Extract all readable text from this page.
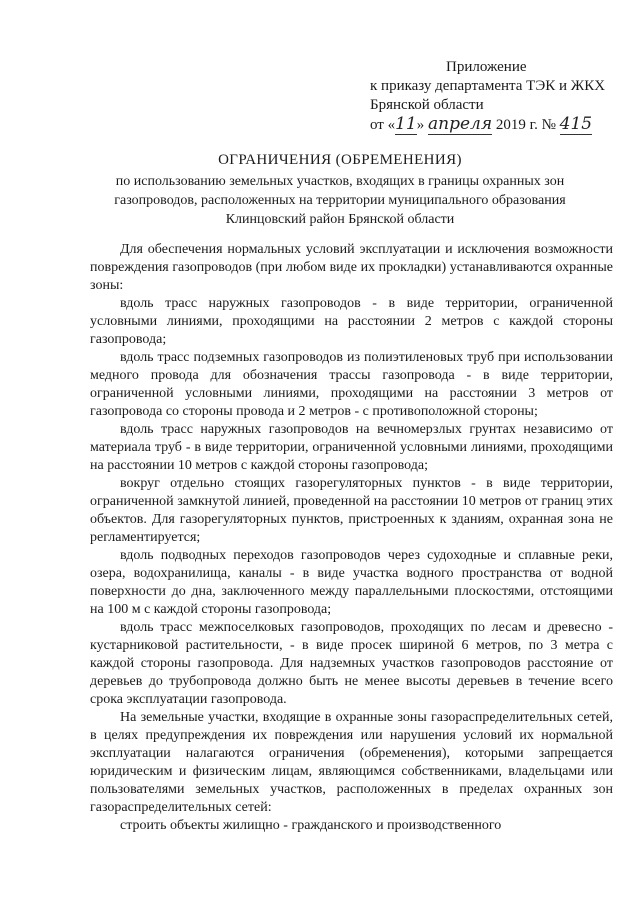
Приложение
к приказу департамента ТЭК и ЖКХ
Брянской области
от «11» апреля 2019 г. № 415
ОГРАНИЧЕНИЯ (ОБРЕМЕНЕНИЯ)
по использованию земельных участков, входящих в границы охранных зон газопроводов, расположенных на территории муниципального образования Клинцовский район Брянской области

Для обеспечения нормальных условий эксплуатации и исключения возможности повреждения газопроводов (при любом виде их прокладки) устанавливаются охранные зоны:

вдоль трасс наружных газопроводов - в виде территории, ограниченной условными линиями, проходящими на расстоянии 2 метров с каждой стороны газопровода;

вдоль трасс подземных газопроводов из полиэтиленовых труб при использовании медного провода для обозначения трассы газопровода - в виде территории, ограниченной условными линиями, проходящими на расстоянии 3 метров от газопровода со стороны провода и 2 метров - с противоположной стороны;

вдоль трасс наружных газопроводов на вечномерзлых грунтах независимо от материала труб - в виде территории, ограниченной условными линиями, проходящими на расстоянии 10 метров с каждой стороны газопровода;

вокруг отдельно стоящих газорегуляторных пунктов - в виде территории, ограниченной замкнутой линией, проведенной на расстоянии 10 метров от границ этих объектов. Для газорегуляторных пунктов, пристроенных к зданиям, охранная зона не регламентируется;

вдоль подводных переходов газопроводов через судоходные и сплавные реки, озера, водохранилища, каналы - в виде участка водного пространства от водной поверхности до дна, заключенного между параллельными плоскостями, отстоящими на 100 м с каждой стороны газопровода;

вдоль трасс межпоселковых газопроводов, проходящих по лесам и древесно - кустарниковой растительности, - в виде просек шириной 6 метров, по 3 метра с каждой стороны газопровода. Для надземных участков газопроводов расстояние от деревьев до трубопровода должно быть не менее высоты деревьев в течение всего срока эксплуатации газопровода.

На земельные участки, входящие в охранные зоны газораспределительных сетей, в целях предупреждения их повреждения или нарушения условий их нормальной эксплуатации налагаются ограничения (обременения), которыми запрещается юридическим и физическим лицам, являющимся собственниками, владельцами или пользователями земельных участков, расположенных в пределах охранных зон газораспределительных сетей:

строить объекты жилищно - гражданского и производственного
